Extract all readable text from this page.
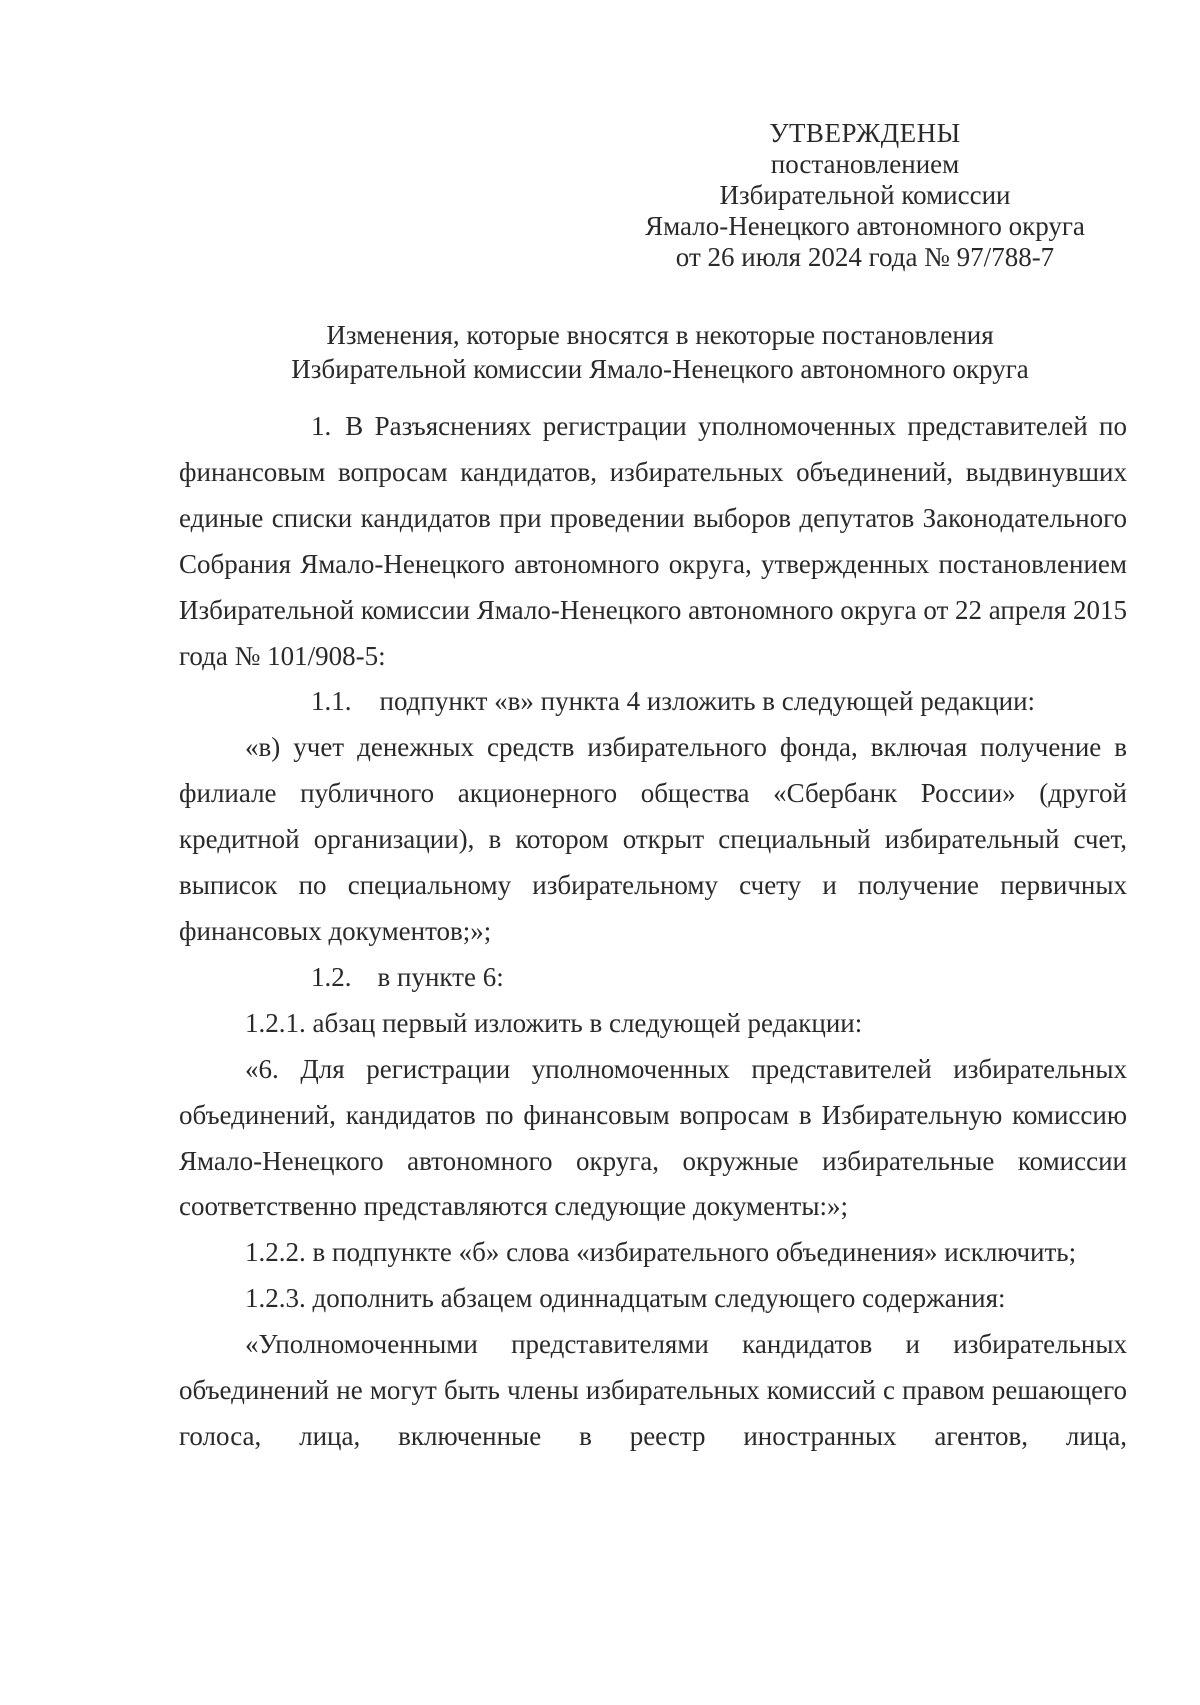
УТВЕРЖДЕНЫ
постановлением
Избирательной комиссии
Ямало-Ненецкого автономного округа
от 26 июля 2024 года № 97/788-7
Изменения, которые вносятся в некоторые постановления
Избирательной комиссии Ямало-Ненецкого автономного округа

1. В Разъяснениях регистрации уполномоченных представителей по финансовым вопросам кандидатов, избирательных объединений, выдвинувших единые списки кандидатов при проведении выборов депутатов Законодательного Собрания Ямало-Ненецкого автономного округа, утвержденных постановлением Избирательной комиссии Ямало-Ненецкого автономного округа от 22 апреля 2015 года № 101/908-5:

1.1. подпункт «в» пункта 4 изложить в следующей редакции:

«в) учет денежных средств избирательного фонда, включая получение в филиале публичного акционерного общества «Сбербанк России» (другой кредитной организации), в котором открыт специальный избирательный счет, выписок по специальному избирательному счету и получение первичных финансовых документов;»;

1.2. в пункте 6:

1.2.1. абзац первый изложить в следующей редакции:

«6. Для регистрации уполномоченных представителей избирательных объединений, кандидатов по финансовым вопросам в Избирательную комиссию Ямало-Ненецкого автономного округа, окружные избирательные комиссии соответственно представляются следующие документы:»;

1.2.2. в подпункте «б» слова «избирательного объединения» исключить;

1.2.3. дополнить абзацем одиннадцатым следующего содержания:

«Уполномоченными представителями кандидатов и избирательных объединений не могут быть члены избирательных комиссий с правом решающего голоса, лица, включенные в реестр иностранных агентов, лица,
